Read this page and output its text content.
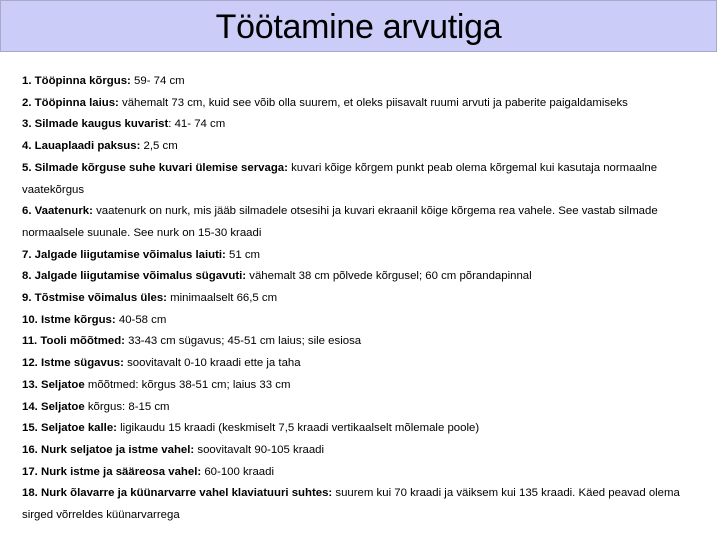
Töötamine arvutiga

1. Tööpinna kõrgus: 59- 74 cm

2. Tööpinna laius: vähemalt 73 cm, kuid see võib olla suurem, et oleks piisavalt ruumi arvuti ja paberite paigaldamiseks

3. Silmade kaugus kuvarist: 41- 74 cm

4. Lauaplaadi paksus: 2,5 cm

5. Silmade kõrguse suhe kuvari ülemise servaga: kuvari kõige kõrgem punkt peab olema kõrgemal kui kasutaja normaalne vaatekõrgus

6. Vaatenurk: vaatenurk on nurk, mis jääb silmadele otsesihi ja kuvari ekraanil kõige kõrgema rea vahele. See vastab silmade normaalsele suunale. See nurk on 15-30 kraadi

7. Jalgade liigutamise võimalus laiuti: 51 cm

8. Jalgade liigutamise võimalus sügavuti: vähemalt 38 cm põlvede kõrgusel; 60 cm põrandapinnal

9. Tõstmise võimalus üles: minimaalselt 66,5 cm

10. Istme kõrgus: 40-58 cm

11. Tooli mõõtmed: 33-43 cm sügavus; 45-51 cm laius; sile esiosa

12. Istme sügavus: soovitavalt 0-10 kraadi ette ja taha

13. Seljatoe mõõtmed: kõrgus 38-51 cm; laius 33 cm

14. Seljatoe kõrgus: 8-15 cm

15. Seljatoe kalle: ligikaudu 15 kraadi (keskmiselt 7,5 kraadi vertikaalselt mõlemale poole)

16. Nurk seljatoe ja istme vahel: soovitavalt 90-105 kraadi

17. Nurk istme ja sääreosa vahel: 60-100 kraadi

18. Nurk õlavarre ja küünarvarre vahel klaviatuuri suhtes: suurem kui 70 kraadi ja väiksem kui 135 kraadi. Käed peavad olema sirged võrreldes küünarvarrega
